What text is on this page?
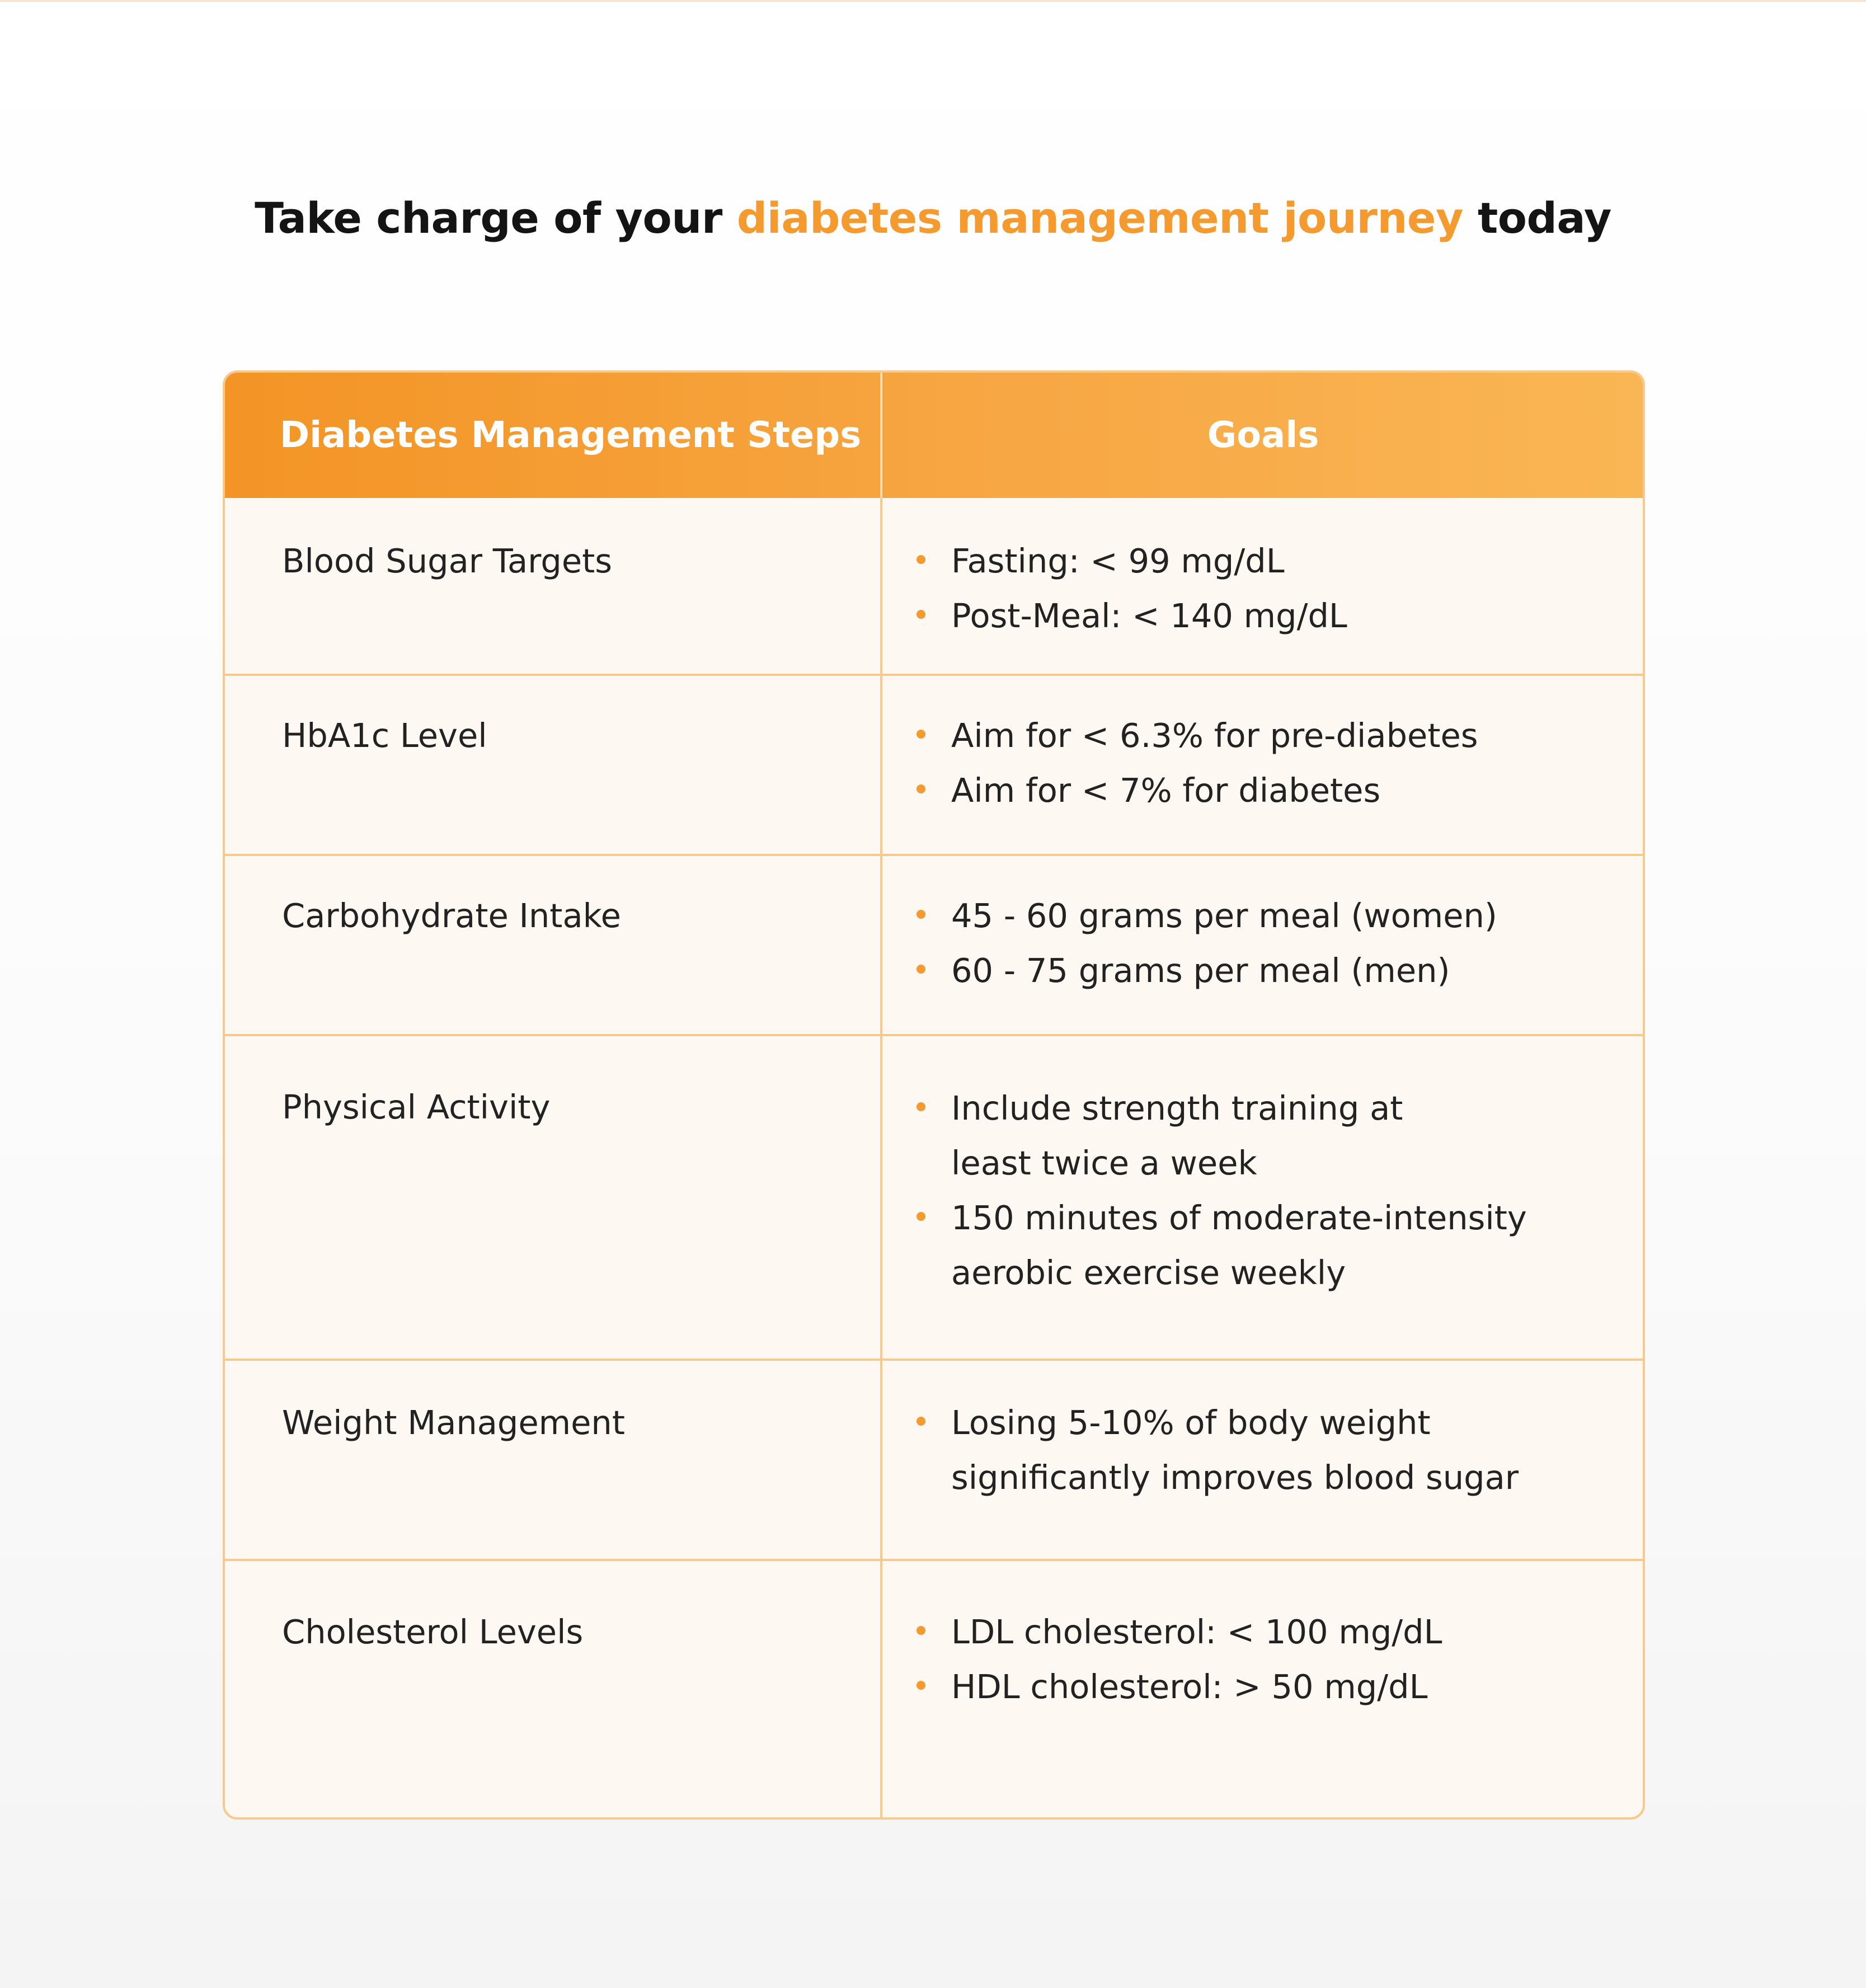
Take charge of your diabetes management journey today
Diabetes Management Steps	Goals
Blood Sugar Targets	Fasting: < 99 mg/dL
Post-Meal: < 140 mg/dL
HbA1c Level	Aim for < 6.3% for pre-diabetes
Aim for < 7% for diabetes
Carbohydrate Intake	45 - 60 grams per meal (women)
60 - 75 grams per meal (men)
Physical Activity	Include strength training at
least twice a week
150 minutes of moderate-intensity
aerobic exercise weekly
Weight Management	Losing 5-10% of body weight
significantly improves blood sugar
Cholesterol Levels	LDL cholesterol: < 100 mg/dL
HDL cholesterol: > 50 mg/dL
